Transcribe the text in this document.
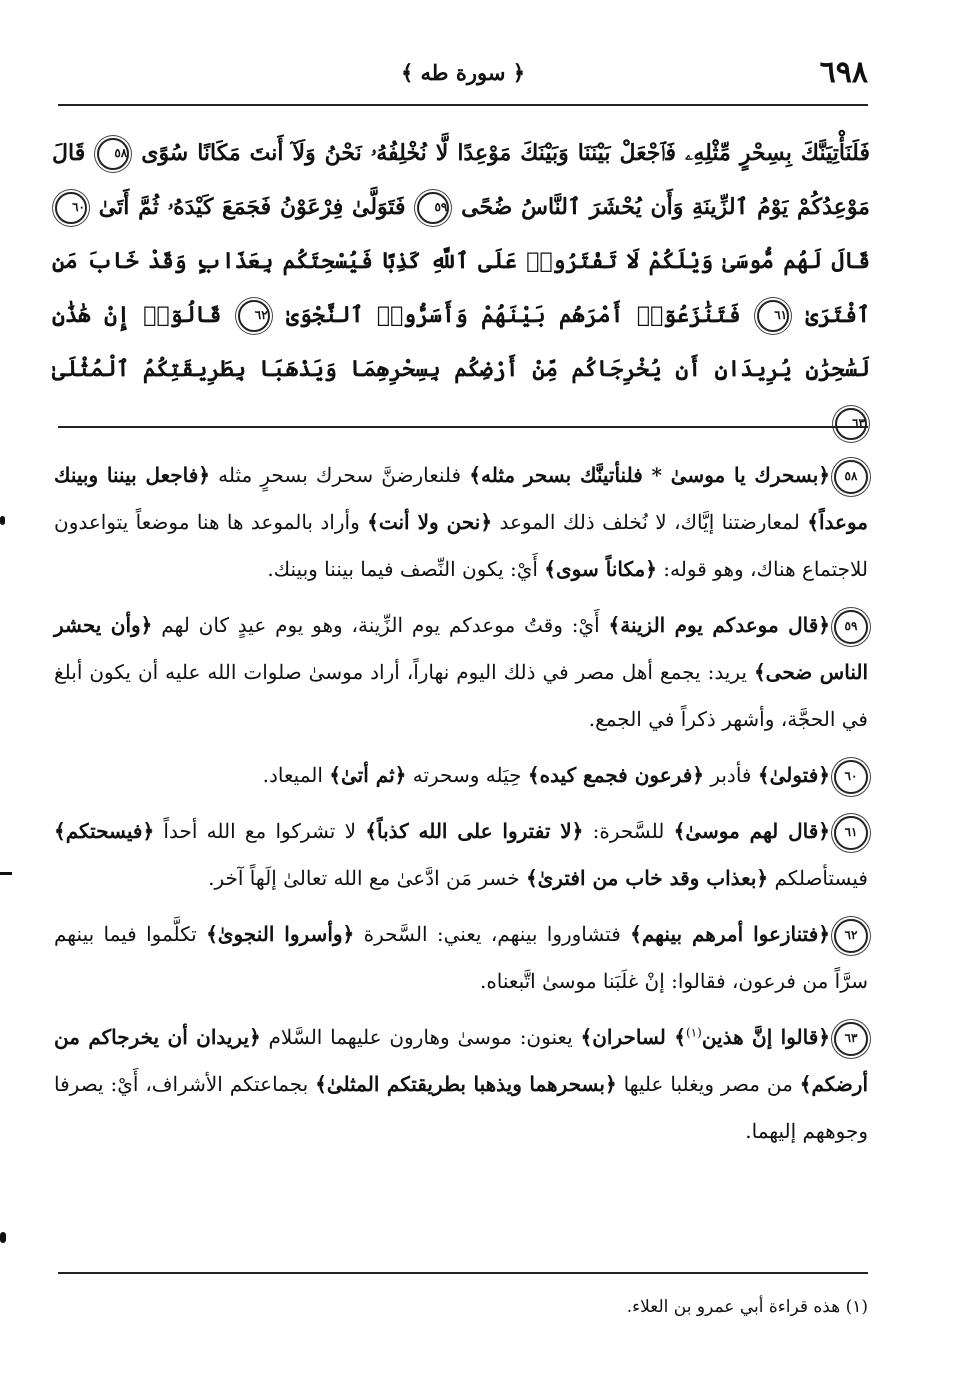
٦٩٨
﴿ سورة طه ﴾
فَلَنَأْتِيَنَّكَ بِسِحْرٍ مِّثْلِهِۦ فَٱجْعَلْ بَيْنَنَا وَبَيْنَكَ مَوْعِدًا لَّا نُخْلِفُهُۥ نَحْنُ وَلَآ أَنتَ مَكَانًا سُوًى ٥٨ قَالَ مَوْعِدُكُمْ يَوْمُ ٱلزِّينَةِ وَأَن يُحْشَرَ ٱلنَّاسُ ضُحًى ٥٩ فَتَوَلَّىٰ فِرْعَوْنُ فَجَمَعَ كَيْدَهُۥ ثُمَّ أَتَىٰ ٦٠ قَالَ لَهُم مُّوسَىٰ وَيْلَكُمْ لَا تَفْتَرُوا۟ عَلَى ٱللَّهِ كَذِبًا فَيُسْحِتَكُم بِعَذَابٍ وَقَدْ خَابَ مَنِ ٱفْتَرَىٰ ٦١ فَتَنَٰزَعُوٓا۟ أَمْرَهُم بَيْنَهُمْ وَأَسَرُّوا۟ ٱلنَّجْوَىٰ ٦٢ قَالُوٓا۟ إِنْ هَٰذَٰنِ لَسَٰحِرَٰنِ يُرِيدَانِ أَن يُخْرِجَاكُم مِّنْ أَرْضِكُم بِسِحْرِهِمَا وَيَذْهَبَا بِطَرِيقَتِكُمُ ٱلْمُثْلَىٰ ٦٣

٥٨﴿بسحرك يا موسىٰ * فلنأتينَّك بسحر مثله﴾ فلنعارضنَّ سحرك بسحرٍ مثله ﴿فاجعل بيننا وبينك موعداً﴾ لمعارضتنا إيَّاك، لا نُخلف ذلك الموعد ﴿نحن ولا أنت﴾ وأراد بالموعد ها هنا موضعاً يتواعدون للاجتماع هناك، وهو قوله: ﴿مكاناً سوى﴾ أَيْ: يكون النِّصف فيما بيننا وبينك.

٥٩﴿قال موعدكم يوم الزينة﴾ أَيْ: وقتُ موعدكم يوم الزِّينة، وهو يوم عيدٍ كان لهم ﴿وأن يحشر الناس ضحى﴾ يريد: يجمع أهل مصر في ذلك اليوم نهاراً، أراد موسىٰ صلوات الله عليه أن يكون أبلغ في الحجَّة، وأشهر ذكراً في الجمع.

٦٠﴿فتولىٰ﴾ فأدبر ﴿فرعون فجمع كيده﴾ حِيَله وسحرته ﴿ثم أتىٰ﴾ الميعاد.

٦١﴿قال لهم موسىٰ﴾ للسَّحرة: ﴿لا تفتروا على الله كذباً﴾ لا تشركوا مع الله أحداً ﴿فيسحتكم﴾ فيستأصلكم ﴿بعذاب وقد خاب من افترىٰ﴾ خسر مَن ادَّعىٰ مع الله تعالىٰ إلَهاً آخر.

٦٢﴿فتنازعوا أمرهم بينهم﴾ فتشاوروا بينهم، يعني: السَّحرة ﴿وأسروا النجوىٰ﴾ تكلَّموا فيما بينهم سرَّاً من فرعون، فقالوا: إنْ غلَبَنا موسىٰ اتَّبعناه.

٦٣﴿قالوا إنَّ هذين$^{(١)}$﴾ لساحران﴾ يعنون: موسىٰ وهارون عليهما السَّلام ﴿يريدان أن يخرجاكم من أرضكم﴾ من مصر ويغلبا عليها ﴿بسحرهما ويذهبا بطريقتكم المثلىٰ﴾ بجماعتكم الأشراف، أَيْ: يصرفا وجوههم إليهما.

(١) هذه قراءة أبي عمرو بن العلاء.
